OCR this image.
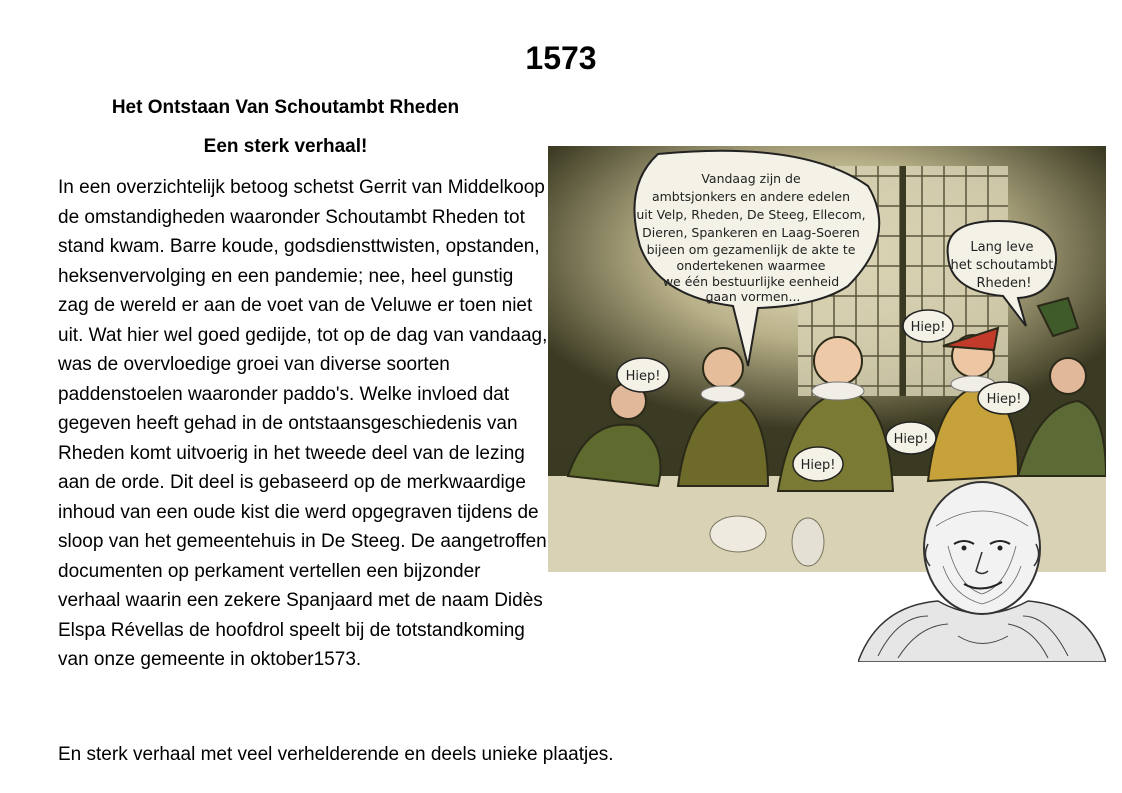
1573
Het Ontstaan Van Schoutambt Rheden
Een sterk verhaal!
In een overzichtelijk betoog schetst Gerrit van Middelkoop de omstandigheden waaronder Schoutambt Rheden tot stand kwam. Barre koude, godsdiensttwisten, opstanden, heksenvervolging en een pandemie; nee, heel gunstig zag de wereld er aan de voet van de Veluwe er toen niet uit. Wat hier wel goed gedijde, tot op de dag van vandaag, was de overvloedige groei van diverse soorten paddenstoelen waaronder paddo's. Welke invloed dat gegeven heeft gehad in de ontstaansgeschiedenis van Rheden komt uitvoerig in het tweede deel van de lezing aan de orde. Dit deel is gebaseerd op de merkwaardige inhoud van een oude kist die werd opgegraven tijdens de sloop van het gemeentehuis in De Steeg. De aangetroffen documenten op perkament vertellen een bijzonder verhaal waarin een zekere Spanjaard met de naam Didès Elspa Révellas de hoofdrol speelt bij de totstandkoming van onze gemeente in oktober1573.

En sterk verhaal met veel verhelderende en deels unieke plaatjes.

Vandaag zijn de ambtsjonkers en andere edelen uit Velp, Rheden, De Steeg, Ellecom, Dieren, Spankeren en Laag-Soeren bijeen om gezamenlijk de akte te ondertekenen waarmee we één bestuurlijke eenheid gaan vormen...
Lang leve het schoutambt Rheden!
Hiep!
Hiep!
Hiep!
Hiep!
Hiep!
